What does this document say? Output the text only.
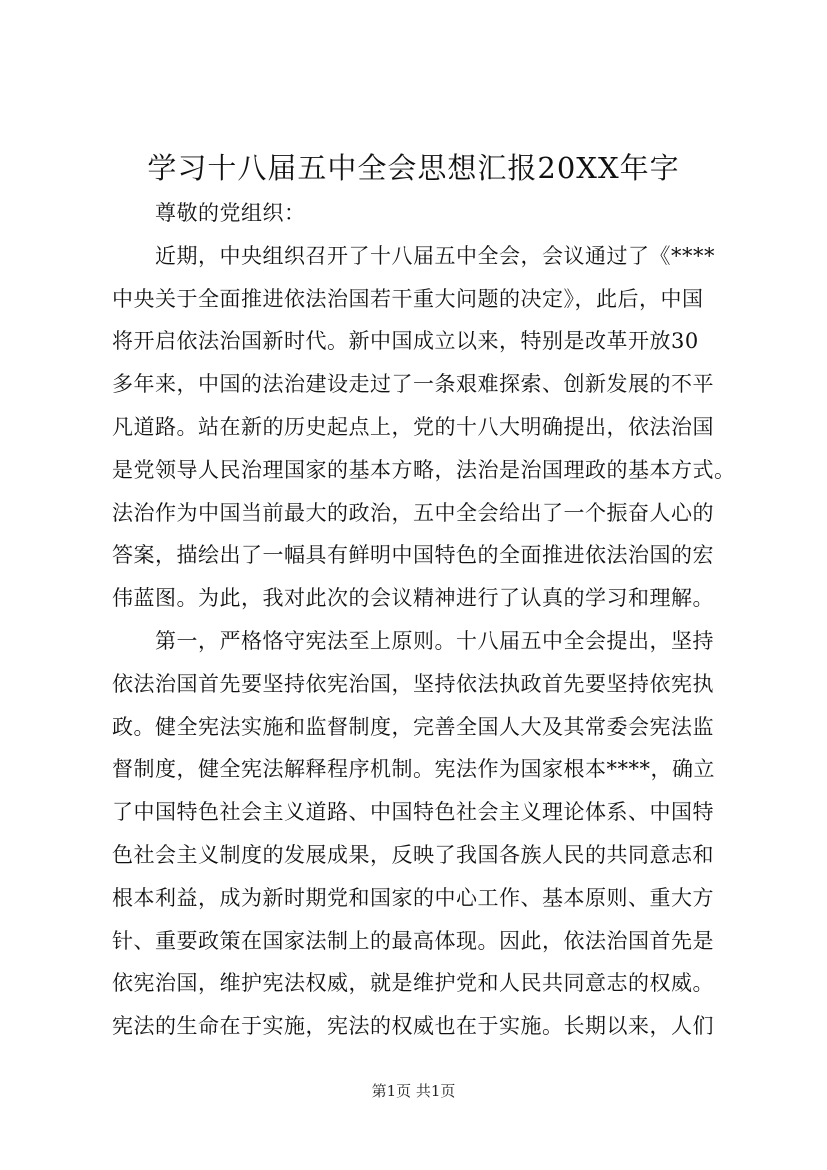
学习十八届五中全会思想汇报20XX年字
尊敬的党组织：
近期，中央组织召开了十八届五中全会，会议通过了《****
中央关于全面推进依法治国若干重大问题的决定》，此后，中国
将开启依法治国新时代。新中国成立以来，特别是改革开放30
多年来，中国的法治建设走过了一条艰难探索、创新发展的不平
凡道路。站在新的历史起点上，党的十八大明确提出，依法治国
是党领导人民治理国家的基本方略，法治是治国理政的基本方式。
法治作为中国当前最大的政治，五中全会给出了一个振奋人心的
答案，描绘出了一幅具有鲜明中国特色的全面推进依法治国的宏
伟蓝图。为此，我对此次的会议精神进行了认真的学习和理解。
第一，严格恪守宪法至上原则。十八届五中全会提出，坚持
依法治国首先要坚持依宪治国，坚持依法执政首先要坚持依宪执
政。健全宪法实施和监督制度，完善全国人大及其常委会宪法监
督制度，健全宪法解释程序机制。宪法作为国家根本****，确立
了中国特色社会主义道路、中国特色社会主义理论体系、中国特
色社会主义制度的发展成果，反映了我国各族人民的共同意志和
根本利益，成为新时期党和国家的中心工作、基本原则、重大方
针、重要政策在国家法制上的最高体现。因此，依法治国首先是
依宪治国，维护宪法权威，就是维护党和人民共同意志的权威。
宪法的生命在于实施，宪法的权威也在于实施。长期以来，人们
第1页 共1页
